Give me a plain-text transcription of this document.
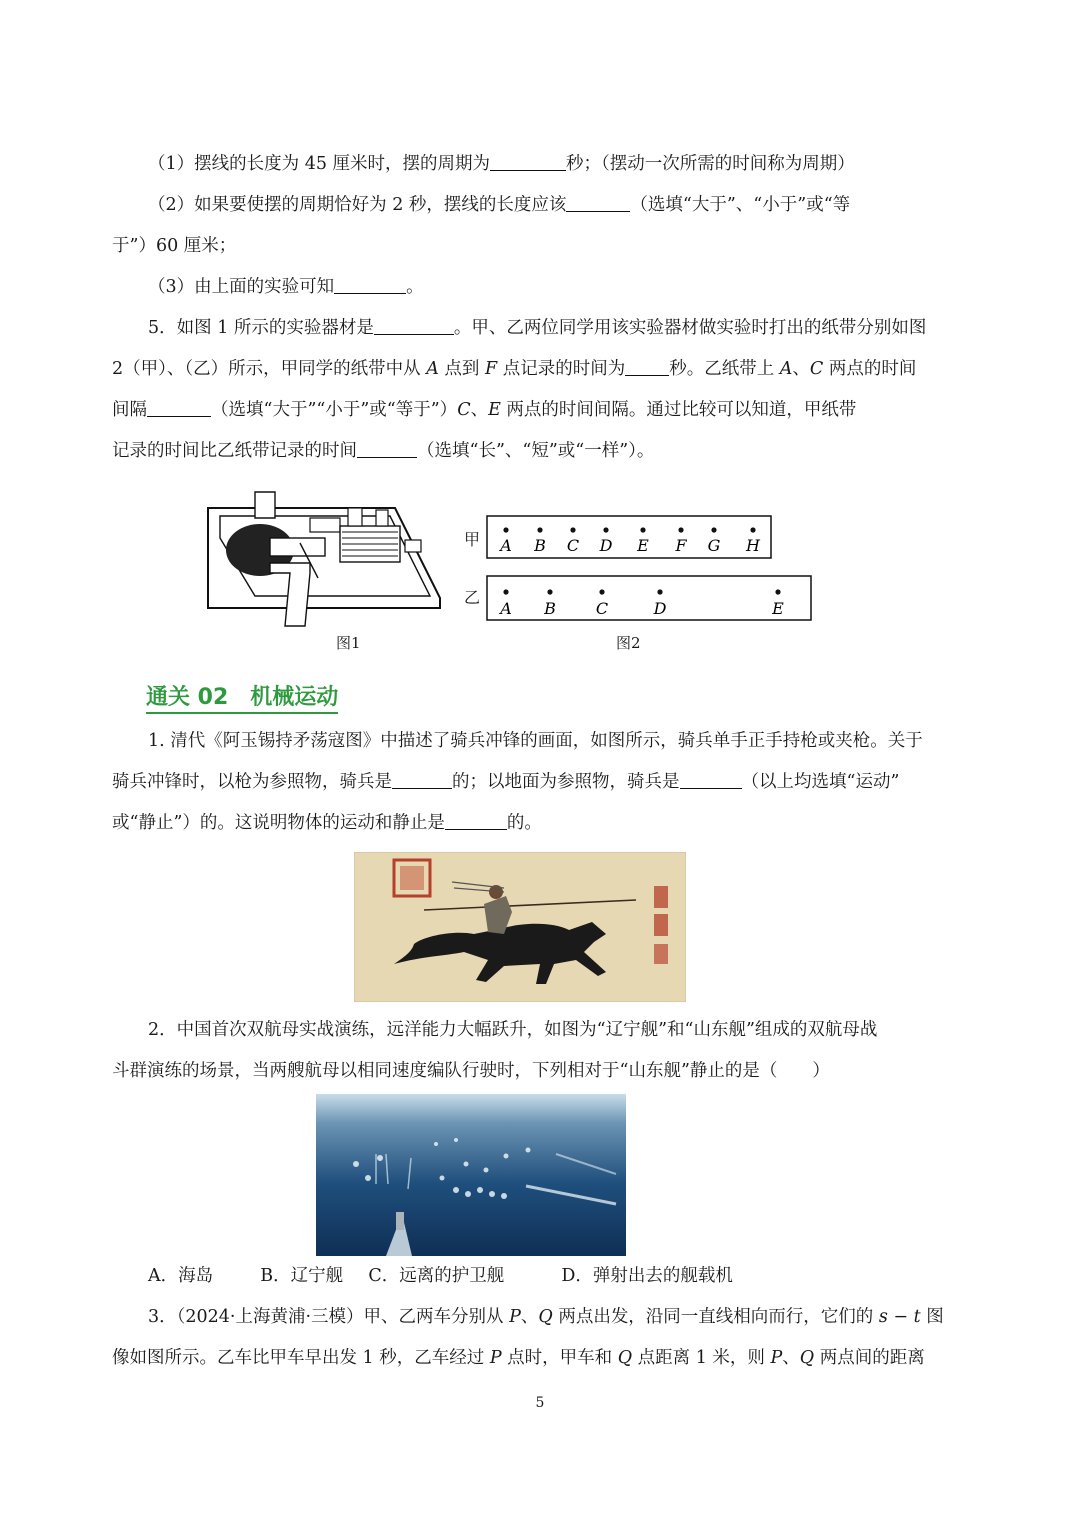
（1）摆线的长度为 45 厘米时，摆的周期为	秒；（摆动一次所需的时间称为周期）
（2）如果要使摆的周期恰好为 2 秒，摆线的长度应该	（选填“大于”、“小于”或“等
于”）60 厘米；
（3）由上面的实验可知	。
5．如图 1 所示的实验器材是	。甲、乙两位同学用该实验器材做实验时打出的纸带分别如图
2（甲）、（乙）所示，甲同学的纸带中从 A 点到 F 点记录的时间为	秒。乙纸带上 A、C 两点的时间
间隔	（选填“大于”“小于”或“等于”）C、E 两点的时间间隔。通过比较可以知道，甲纸带
记录的时间比乙纸带记录的时间	（选填“长”、“短”或“一样”）。
图1
甲
乙
A B C D E F G H
A B C	D	E
图2
通关 02　机械运动
1. 清代《阿玉锡持矛荡寇图》中描述了骑兵冲锋的画面，如图所示，骑兵单手正手持枪或夹枪。关于
骑兵冲锋时，以枪为参照物，骑兵是	的；以地面为参照物，骑兵是	（以上均选填“运动”
或“静止”）的。这说明物体的运动和静止是	的。
2．中国首次双航母实战演练，远洋能力大幅跃升，如图为“辽宁舰”和“山东舰”组成的双航母战
斗群演练的场景，当两艘航母以相同速度编队行驶时，下列相对于“山东舰”静止的是（　　）
A．海岛	B．辽宁舰 C．远离的护卫舰	D．弹射出去的舰载机
3．（2024·上海黄浦·三模）甲、乙两车分别从 P、Q 两点出发，沿同一直线相向而行，它们的 s − t 图
像如图所示。乙车比甲车早出发 1 秒，乙车经过 P 点时，甲车和 Q 点距离 1 米，则 P、Q 两点间的距离
5
